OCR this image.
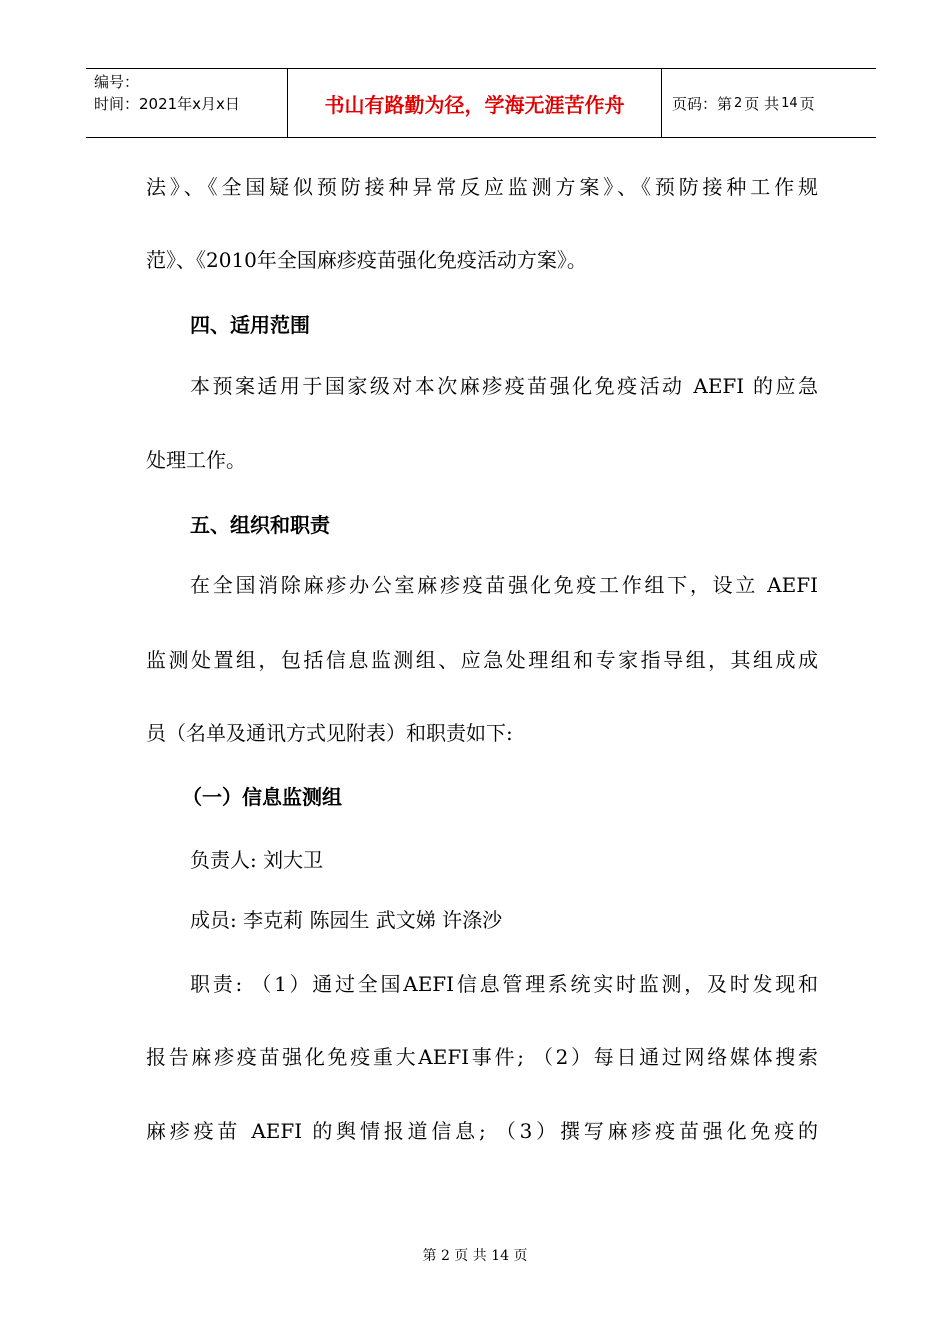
编号：
时间：2021年x月x日	书山有路勤为径，学海无涯苦作舟	页码：第 2 页 共 14 页
法》、《全国疑似预防接种异常反应监测方案》、《预防接种工作规
范》、《2010年全国麻疹疫苗强化免疫活动方案》。
四、适用范围
本预案适用于国家级对本次麻疹疫苗强化免疫活动 AEFI 的应急
处理工作。
五、组织和职责
在全国消除麻疹办公室麻疹疫苗强化免疫工作组下，设立 AEFI
监测处置组，包括信息监测组、应急处理组和专家指导组，其组成成
员（名单及通讯方式见附表）和职责如下:
（一）信息监测组
负责人: 刘大卫
成员: 李克莉 陈园生 武文娣 许涤沙
职责: （1）通过全国AEFI信息管理系统实时监测，及时发现和
报告麻疹疫苗强化免疫重大AEFI事件; （2）每日通过网络媒体搜索
麻疹疫苗 AEFI 的舆情报道信息; （3）撰写麻疹疫苗强化免疫的
第 2 页 共 14 页
